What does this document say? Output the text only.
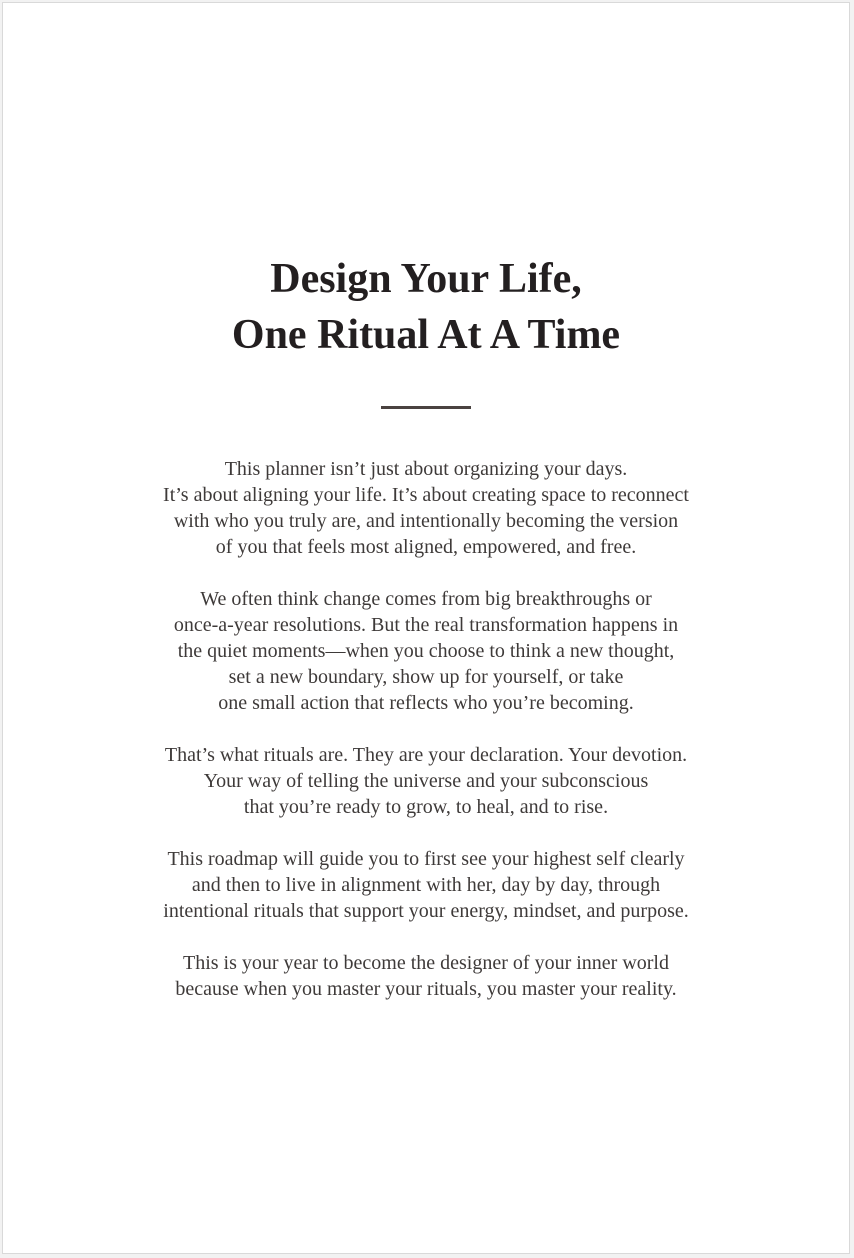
Design Your Life,
One Ritual At A Time

This planner isn’t just about organizing your days.
It’s about aligning your life. It’s about creating space to reconnect
with who you truly are, and intentionally becoming the version
of you that feels most aligned, empowered, and free.

We often think change comes from big breakthroughs or
once-a-year resolutions. But the real transformation happens in
the quiet moments—when you choose to think a new thought,
set a new boundary, show up for yourself, or take
one small action that reflects who you’re becoming.

That’s what rituals are. They are your declaration. Your devotion.
Your way of telling the universe and your subconscious
that you’re ready to grow, to heal, and to rise.

This roadmap will guide you to first see your highest self clearly
and then to live in alignment with her, day by day, through
intentional rituals that support your energy, mindset, and purpose.

This is your year to become the designer of your inner world
because when you master your rituals, you master your reality.
